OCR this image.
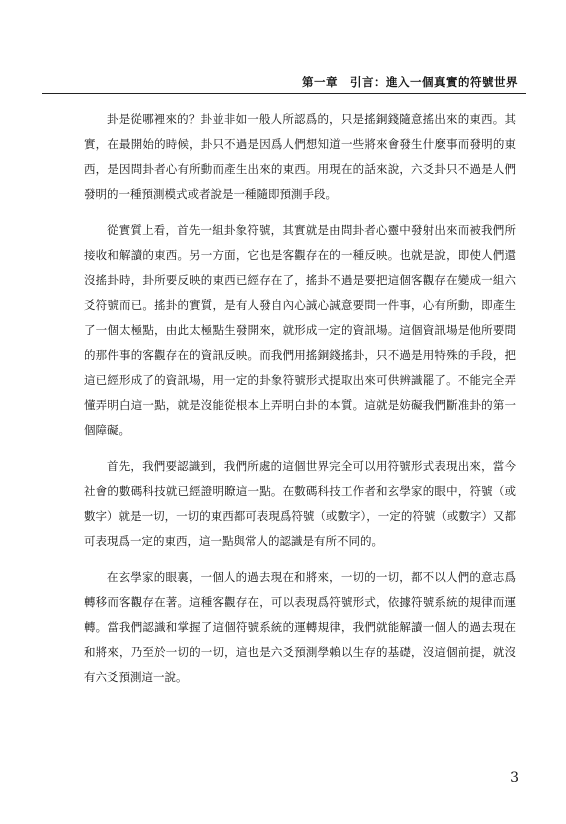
第一章　引言：進入一個真實的符號世界

卦是從哪裡來的？卦並非如一般人所認爲的，只是搖銅錢隨意搖出來的東西。其實，在最開始的時候，卦只不過是因爲人們想知道一些將來會發生什麼事而發明的東西，是因問卦者心有所動而產生出來的東西。用現在的話來說，六爻卦只不過是人們發明的一種預測模式或者說是一種隨即預測手段。

從實質上看，首先一組卦象符號，其實就是由問卦者心靈中發射出來而被我們所接收和解讀的東西。另一方面，它也是客觀存在的一種反映。也就是說，即使人們還沒搖卦時，卦所要反映的東西已經存在了，搖卦不過是要把這個客觀存在變成一組六爻符號而已。搖卦的實質，是有人發自內心誠心誠意要問一件事，心有所動，即產生了一個太極點，由此太極點生發開來，就形成一定的資訊場。這個資訊場是他所要問的那件事的客觀存在的資訊反映。而我們用搖銅錢搖卦，只不過是用特殊的手段，把這已經形成了的資訊場，用一定的卦象符號形式提取出來可供辨識罷了。不能完全弄懂弄明白這一點，就是沒能從根本上弄明白卦的本質。這就是妨礙我們斷准卦的第一個障礙。

首先，我們要認識到，我們所處的這個世界完全可以用符號形式表現出來，當今社會的數碼科技就已經證明瞭這一點。在數碼科技工作者和玄學家的眼中，符號（或數字）就是一切，一切的東西都可表現爲符號（或數字），一定的符號（或數字）又都可表現爲一定的東西，這一點與常人的認識是有所不同的。

在玄學家的眼裏，一個人的過去現在和將來，一切的一切，都不以人們的意志爲轉移而客觀存在著。這種客觀存在，可以表現爲符號形式，依據符號系統的規律而運轉。當我們認識和掌握了這個符號系統的運轉規律，我們就能解讀一個人的過去現在和將來，乃至於一切的一切，這也是六爻預測學賴以生存的基礎，沒這個前提，就沒有六爻預測這一說。

3
